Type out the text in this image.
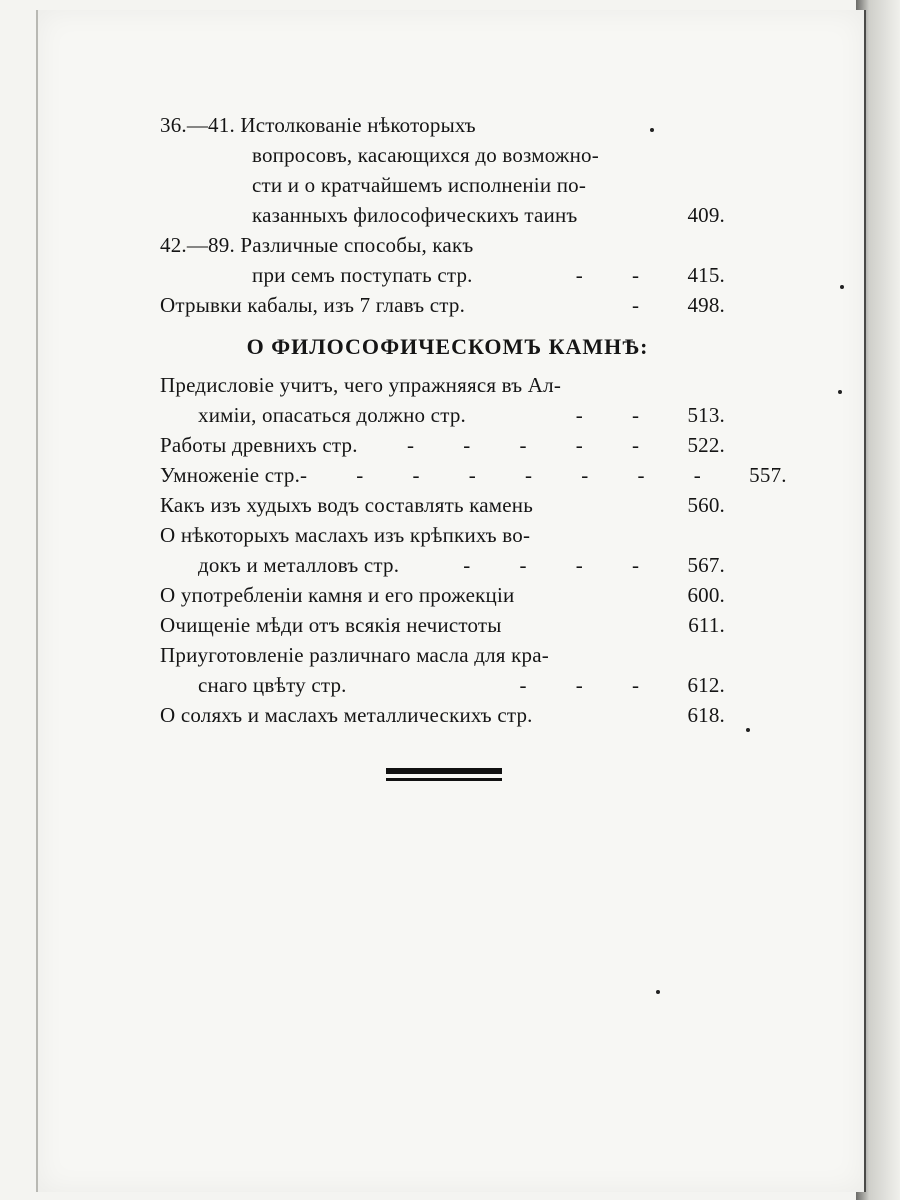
36.—41. Истолкованіе нѣкоторыхъ
вопросовъ, касающихся до возможно-
сти и о кратчайшемъ исполненіи по-
казанныхъ философическихъ таинъ	409.
42.—89. Различные способы, какъ
при семъ поступать стр.	- -	415.
Отрывки кабалы, изъ 7 главъ стр.	-	498.
О ФИЛОСОФИЧЕСКОМЪ КАМНѢ:
Предисловіе учитъ, чего упражняяся въ Ал-
химіи, опасаться должно стр.	- -	513.
Работы древнихъ стр.	- - - - -	522.
Умноженіе стр. - - - - - - - -	557.
Какъ изъ худыхъ водъ составлять камень	560.
О нѣкоторыхъ маслахъ изъ крѣпкихъ во-
докъ и металловъ стр.	- - - -	567.
О употребленіи камня и его прожекціи	600.
Очищеніе мѣди отъ всякія нечистоты	611.
Приуготовленіе различнаго масла для кра-
снаго цвѣту стр.	- - -	612.
О соляхъ и маслахъ металлическихъ стр.	618.
